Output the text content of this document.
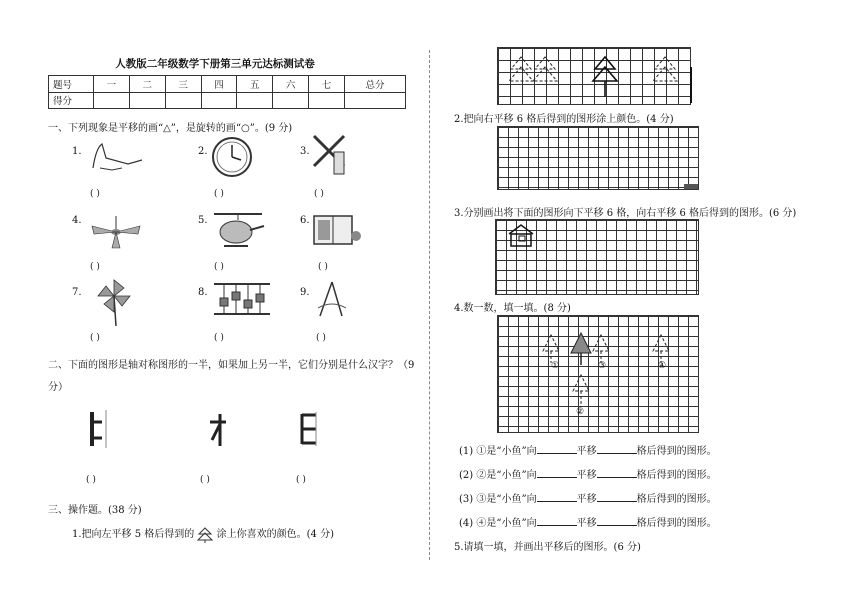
人教版二年级数学下册第三单元达标测试卷
题号	一	二	三	四	五	六	七	总分
得分								
一、下列现象是平移的画“△”，是旋转的画“○”。(9 分)
1.
( )
2.
( )
3.
( )
4.
( )
5.
( )
6.
( )
7.
( )
8.
( )
9.
( )
二、下面的图形是轴对称图形的一半，如果加上另一半，它们分别是什么汉字？（9
分）
( )	( )	( )
三、操作题。(38 分)
1.把向左平移 5 格后得到的 涂上你喜欢的颜色。(4 分)
2.把向右平移 6 格后得到的图形涂上颜色。(4 分)
3.分别画出将下面的图形向下平移 6 格，向右平移 6 格后得到的图形。(6 分)
4.数一数，填一填。(8 分)
①
②
③	④
(1) ①是“小鱼”向	平移	格后得到的图形。
(2) ②是“小鱼”向	平移	格后得到的图形。
(3) ③是“小鱼”向	平移	格后得到的图形。
(4) ④是“小鱼”向	平移	格后得到的图形。
5.请填一填，并画出平移后的图形。(6 分)
